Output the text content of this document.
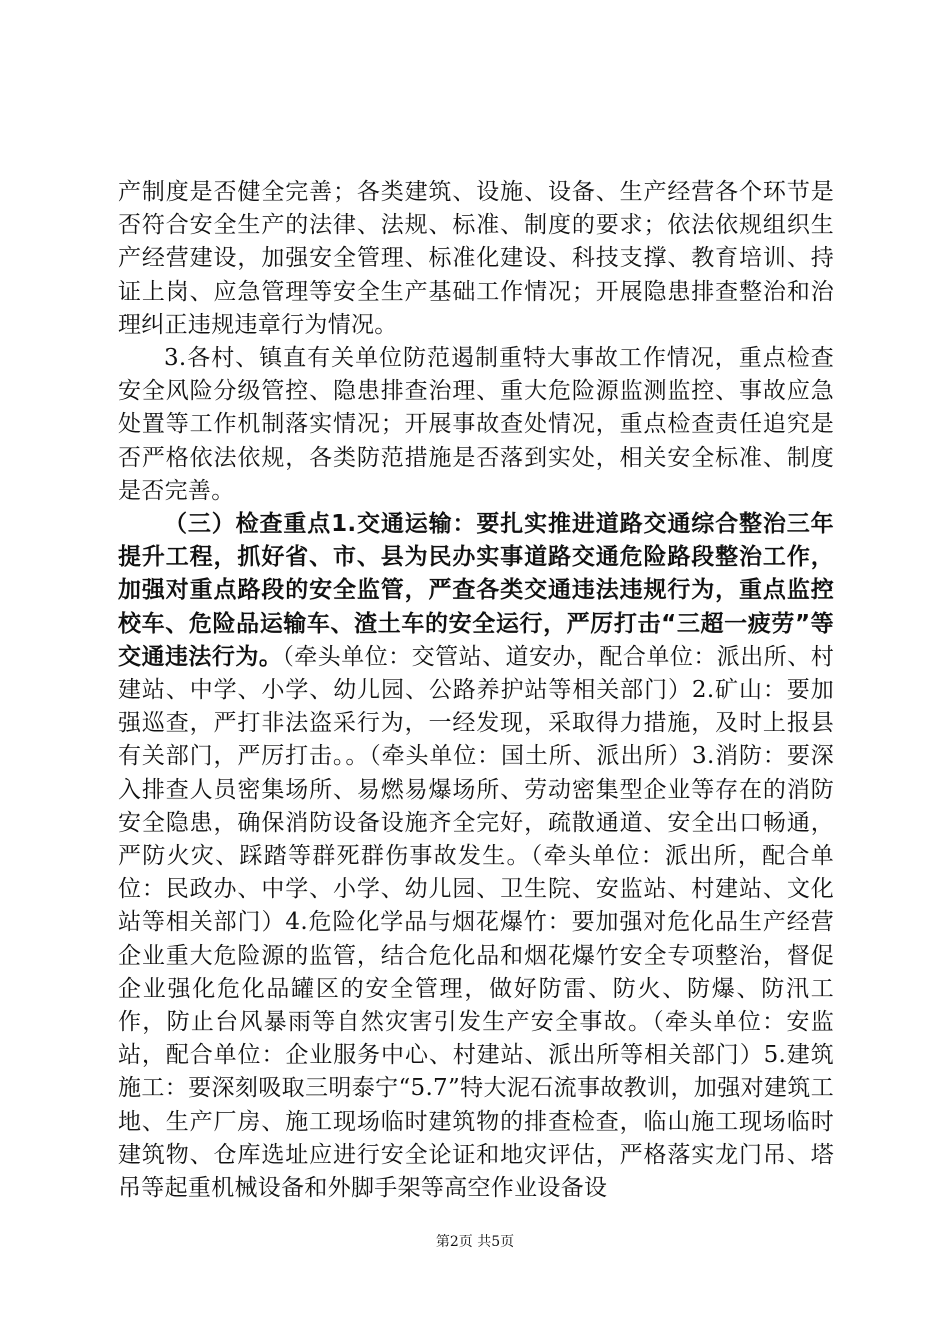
产制度是否健全完善；各类建筑、设施、设备、生产经营各个环节是否符合安全生产的法律、法规、标准、制度的要求；依法依规组织生产经营建设，加强安全管理、标准化建设、科技支撑、教育培训、持证上岗、应急管理等安全生产基础工作情况；开展隐患排查整治和治理纠正违规违章行为情况。

3.各村、镇直有关单位防范遏制重特大事故工作情况，重点检查安全风险分级管控、隐患排查治理、重大危险源监测监控、事故应急处置等工作机制落实情况；开展事故查处情况，重点检查责任追究是否严格依法依规，各类防范措施是否落到实处，相关安全标准、制度是否完善。

（三）检查重点1.交通运输：要扎实推进道路交通综合整治三年提升工程，抓好省、市、县为民办实事道路交通危险路段整治工作，加强对重点路段的安全监管，严查各类交通违法违规行为，重点监控校车、危险品运输车、渣土车的安全运行，严厉打击“三超一疲劳”等交通违法行为。（牵头单位：交管站、道安办，配合单位：派出所、村建站、中学、小学、幼儿园、公路养护站等相关部门）2.矿山：要加强巡查，严打非法盗采行为，一经发现，采取得力措施，及时上报县有关部门，严厉打击。。（牵头单位：国土所、派出所）3.消防：要深入排查人员密集场所、易燃易爆场所、劳动密集型企业等存在的消防安全隐患，确保消防设备设施齐全完好，疏散通道、安全出口畅通，严防火灾、踩踏等群死群伤事故发生。（牵头单位：派出所，配合单位：民政办、中学、小学、幼儿园、卫生院、安监站、村建站、文化站等相关部门）4.危险化学品与烟花爆竹：要加强对危化品生产经营企业重大危险源的监管，结合危化品和烟花爆竹安全专项整治，督促企业强化危化品罐区的安全管理，做好防雷、防火、防爆、防汛工作，防止台风暴雨等自然灾害引发生产安全事故。（牵头单位：安监站，配合单位：企业服务中心、村建站、派出所等相关部门）5.建筑施工：要深刻吸取三明泰宁“5.7”特大泥石流事故教训，加强对建筑工地、生产厂房、施工现场临时建筑物的排查检查，临山施工现场临时建筑物、仓库选址应进行安全论证和地灾评估，严格落实龙门吊、塔吊等起重机械设备和外脚手架等高空作业设备设

第2页 共5页
